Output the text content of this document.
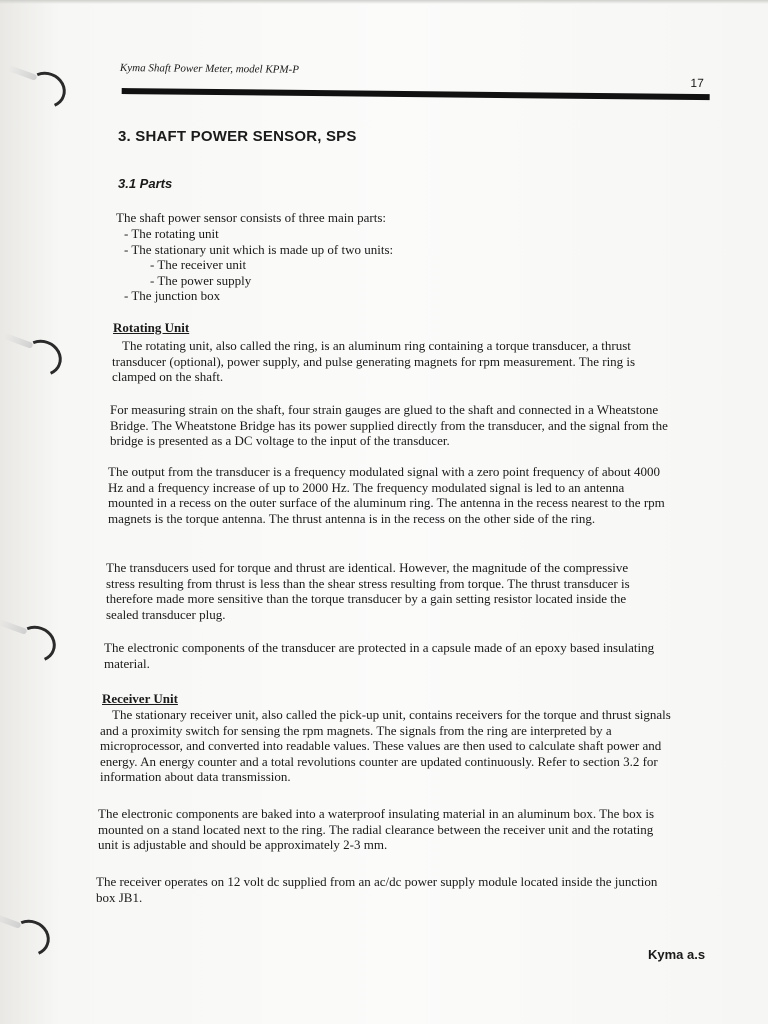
Kyma Shaft Power Meter, model KPM-P
17
3. SHAFT POWER SENSOR, SPS
3.1 Parts

The shaft power sensor consists of three main parts:

- The rotating unit
- The stationary unit which is made up of two units:
- The receiver unit
- The power supply
- The junction box
Rotating Unit

The rotating unit, also called the ring, is an aluminum ring containing a torque transducer, a thrust transducer (optional), power supply, and pulse generating magnets for rpm measurement. The ring is clamped on the shaft.

For measuring strain on the shaft, four strain gauges are glued to the shaft and connected in a Wheatstone Bridge. The Wheatstone Bridge has its power supplied directly from the transducer, and the signal from the bridge is presented as a DC voltage to the input of the transducer.

The output from the transducer is a frequency modulated signal with a zero point frequency of about 4000 Hz and a frequency increase of up to 2000 Hz. The frequency modulated signal is led to an antenna mounted in a recess on the outer surface of the aluminum ring. The antenna in the recess nearest to the rpm magnets is the torque antenna. The thrust antenna is in the recess on the other side of the ring.

The transducers used for torque and thrust are identical. However, the magnitude of the compressive stress resulting from thrust is less than the shear stress resulting from torque. The thrust transducer is therefore made more sensitive than the torque transducer by a gain setting resistor located inside the sealed transducer plug.

The electronic components of the transducer are protected in a capsule made of an epoxy based insulating material.

Receiver Unit

The stationary receiver unit, also called the pick-up unit, contains receivers for the torque and thrust signals and a proximity switch for sensing the rpm magnets. The signals from the ring are interpreted by a microprocessor, and converted into readable values. These values are then used to calculate shaft power and energy. An energy counter and a total revolutions counter are updated continuously. Refer to section 3.2 for information about data transmission.

The electronic components are baked into a waterproof insulating material in an aluminum box. The box is mounted on a stand located next to the ring. The radial clearance between the receiver unit and the rotating unit is adjustable and should be approximately 2-3 mm.

The receiver operates on 12 volt dc supplied from an ac/dc power supply module located inside the junction box JB1.

Kyma a.s
